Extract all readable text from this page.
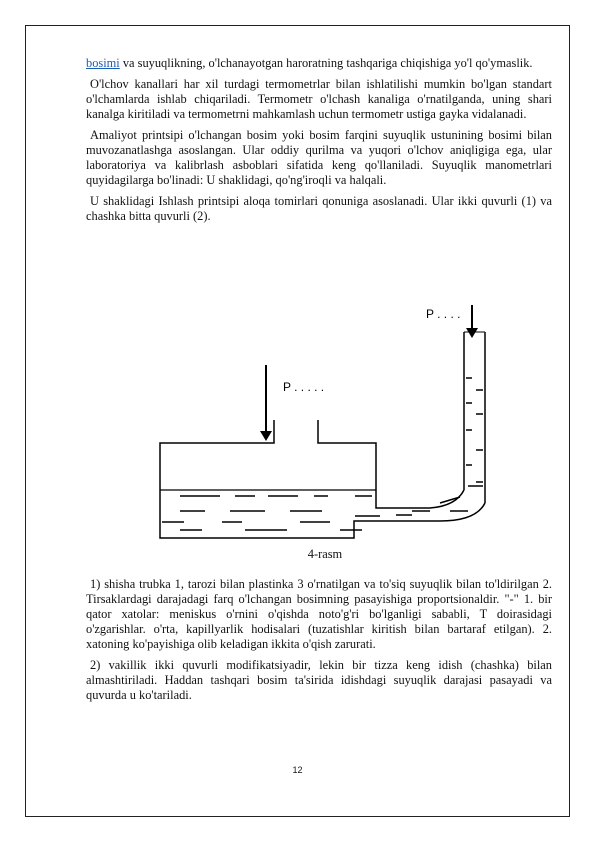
bosimi va suyuqlikning, o'lchanayotgan haroratning tashqariga chiqishiga yo'l qo'ymaslik.

O'lchov kanallari har xil turdagi termometrlar bilan ishlatilishi mumkin bo'lgan standart o'lchamlarda ishlab chiqariladi. Termometr o'lchash kanaliga o'rnatilganda, uning shari kanalga kiritiladi va termometrni mahkamlash uchun termometr ustiga gayka vidalanadi.

Amaliyot printsipi o'lchangan bosim yoki bosim farqini suyuqlik ustunining bosimi bilan muvozanatlashga asoslangan. Ular oddiy qurilma va yuqori o'lchov aniqligiga ega, ular laboratoriya va kalibrlash asboblari sifatida keng qo'llaniladi. Suyuqlik manometrlari quyidagilarga bo'linadi: U shaklidagi, qo'ng'iroqli va halqali.

U shaklidagi Ishlash printsipi aloqa tomirlari qonuniga asoslanadi. Ular ikki quvurli (1) va chashka bitta quvurli (2).

P . . . .
P . . . . .
4-rasm

1) shisha trubka 1, tarozi bilan plastinka 3 o'rnatilgan va to'siq suyuqlik bilan to'ldirilgan 2. Tirsaklardagi darajadagi farq o'lchangan bosimning pasayishiga proportsionaldir. "-" 1. bir qator xatolar: meniskus o'rnini o'qishda noto'g'ri bo'lganligi sababli, T doirasidagi o'zgarishlar. o'rta, kapillyarlik hodisalari (tuzatishlar kiritish bilan bartaraf etilgan). 2. xatoning ko'payishiga olib keladigan ikkita o'qish zarurati.

2) vakillik ikki quvurli modifikatsiyadir, lekin bir tizza keng idish (chashka) bilan almashtiriladi. Haddan tashqari bosim ta'sirida idishdagi suyuqlik darajasi pasayadi va quvurda u ko'tariladi.

12
